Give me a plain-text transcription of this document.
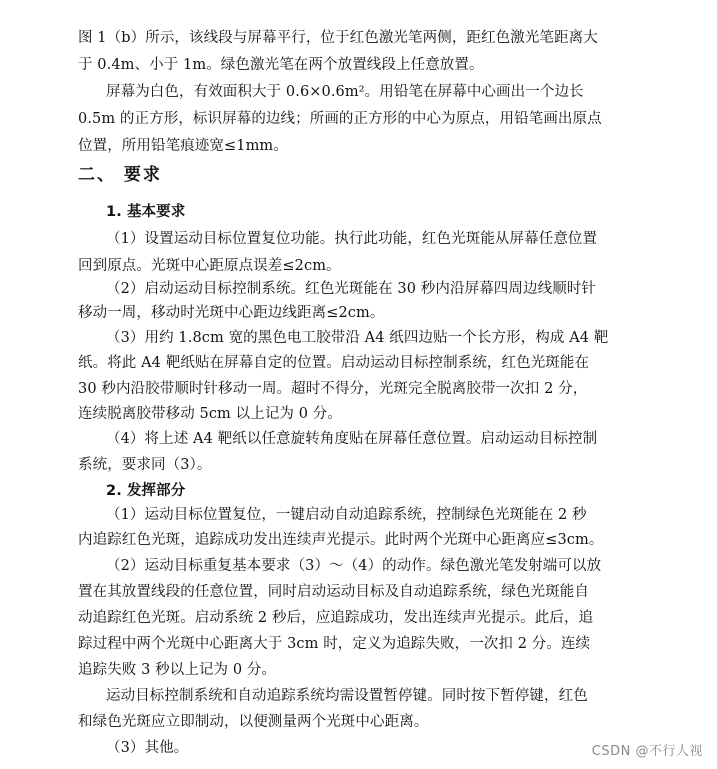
图 1（b）所示，该线段与屏幕平行，位于红色激光笔两侧，距红色激光笔距离大
于 0.4m、小于 1m。绿色激光笔在两个放置线段上任意放置。
屏幕为白色，有效面积大于 0.6×0.6m²。用铅笔在屏幕中心画出一个边长
0.5m 的正方形，标识屏幕的边线；所画的正方形的中心为原点，用铅笔画出原点
位置，所用铅笔痕迹宽≤1mm。
二、 要求
1. 基本要求
（1）设置运动目标位置复位功能。执行此功能，红色光斑能从屏幕任意位置
回到原点。光斑中心距原点误差≤2cm。
（2）启动运动目标控制系统。红色光斑能在 30 秒内沿屏幕四周边线顺时针
移动一周，移动时光斑中心距边线距离≤2cm。
（3）用约 1.8cm 宽的黑色电工胶带沿 A4 纸四边贴一个长方形，构成 A4 靶
纸。将此 A4 靶纸贴在屏幕自定的位置。启动运动目标控制系统，红色光斑能在
30 秒内沿胶带顺时针移动一周。超时不得分，光斑完全脱离胶带一次扣 2 分，
连续脱离胶带移动 5cm 以上记为 0 分。
（4）将上述 A4 靶纸以任意旋转角度贴在屏幕任意位置。启动运动目标控制
系统，要求同（3）。
2. 发挥部分
（1）运动目标位置复位，一键启动自动追踪系统，控制绿色光斑能在 2 秒
内追踪红色光斑，追踪成功发出连续声光提示。此时两个光斑中心距离应≤3cm。
（2）运动目标重复基本要求（3）～（4）的动作。绿色激光笔发射端可以放
置在其放置线段的任意位置，同时启动运动目标及自动追踪系统，绿色光斑能自
动追踪红色光斑。启动系统 2 秒后，应追踪成功，发出连续声光提示。此后，追
踪过程中两个光斑中心距离大于 3cm 时，定义为追踪失败，一次扣 2 分。连续
追踪失败 3 秒以上记为 0 分。
运动目标控制系统和自动追踪系统均需设置暂停键。同时按下暂停键，红色
和绿色光斑应立即制动，以便测量两个光斑中心距离。
（3）其他。	CSDN @不行人视
